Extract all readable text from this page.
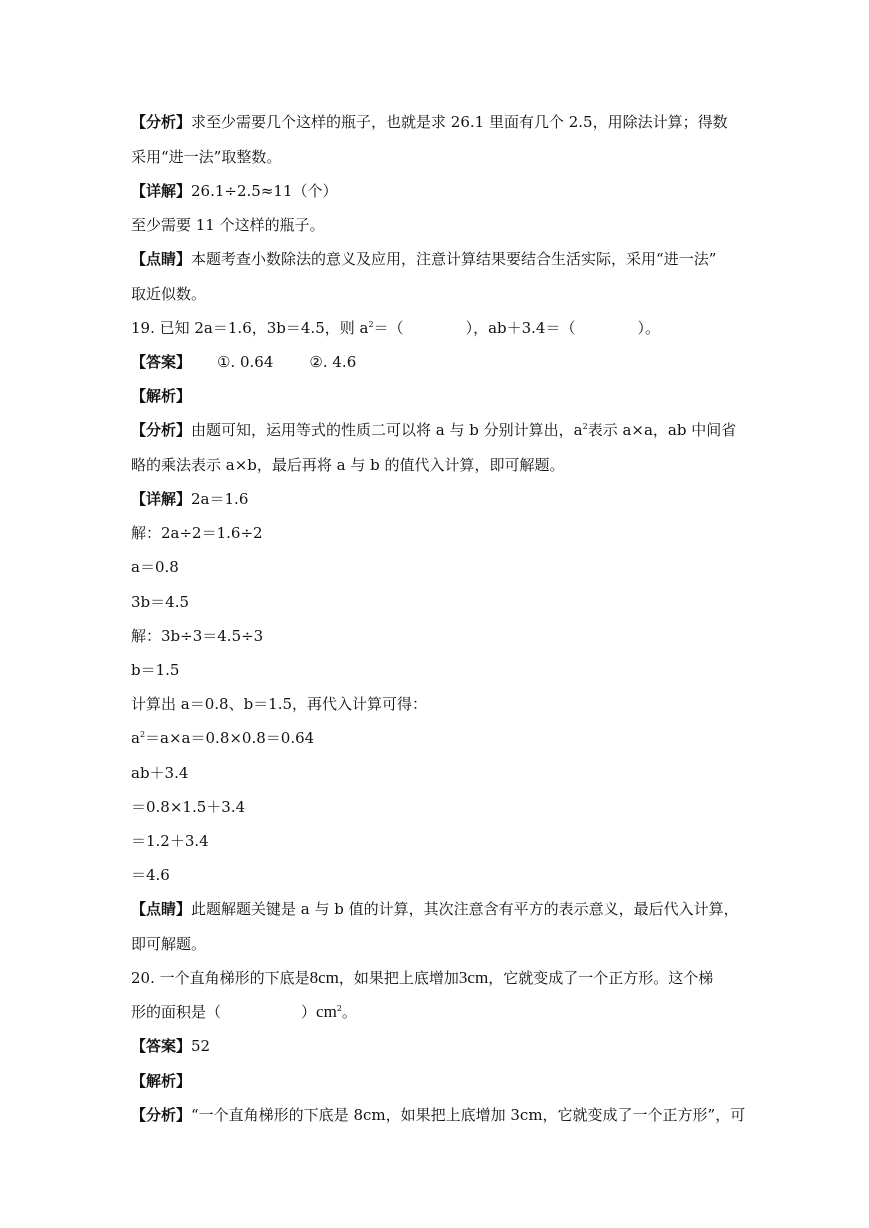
【分析】求至少需要几个这样的瓶子，也就是求 26.1 里面有几个 2.5，用除法计算；得数
采用“进一法”取整数。
【详解】26.1÷2.5≈11（个）
至少需要 11 个这样的瓶子。
【点睛】本题考查小数除法的意义及应用，注意计算结果要结合生活实际，采用“进一法”
取近似数。
19. 已知 2a＝1.6，3b＝4.5，则 $a^2=$（	），ab＋3.4＝（	）。
【答案】 ①. 0.64 ②. 4.6
【解析】
【分析】由题可知，运用等式的性质二可以将 a 与 b 分别计算出，$a^2$表示 a×a，ab 中间省
略的乘法表示 a×b，最后再将 a 与 b 的值代入计算，即可解题。
【详解】2a＝1.6
解：2a÷2＝1.6÷2
a＝0.8
3b＝4.5
解：3b÷3＝4.5÷3
b＝1.5
计算出 a＝0.8、b＝1.5，再代入计算可得：
$a^2=a\times a=0.8\times 0.8=0.64$
ab＋3.4
＝0.8×1.5＋3.4
＝1.2＋3.4
＝4.6
【点睛】此题解题关键是 a 与 b 值的计算，其次注意含有平方的表示意义，最后代入计算，
即可解题。
20. 一个直角梯形的下底是8cm，如果把上底增加3cm，它就变成了一个正方形。这个梯
形的面积是（	）$cm^2$。
【答案】52
【解析】
【分析】“一个直角梯形的下底是 8cm，如果把上底增加 3cm，它就变成了一个正方形”，可
